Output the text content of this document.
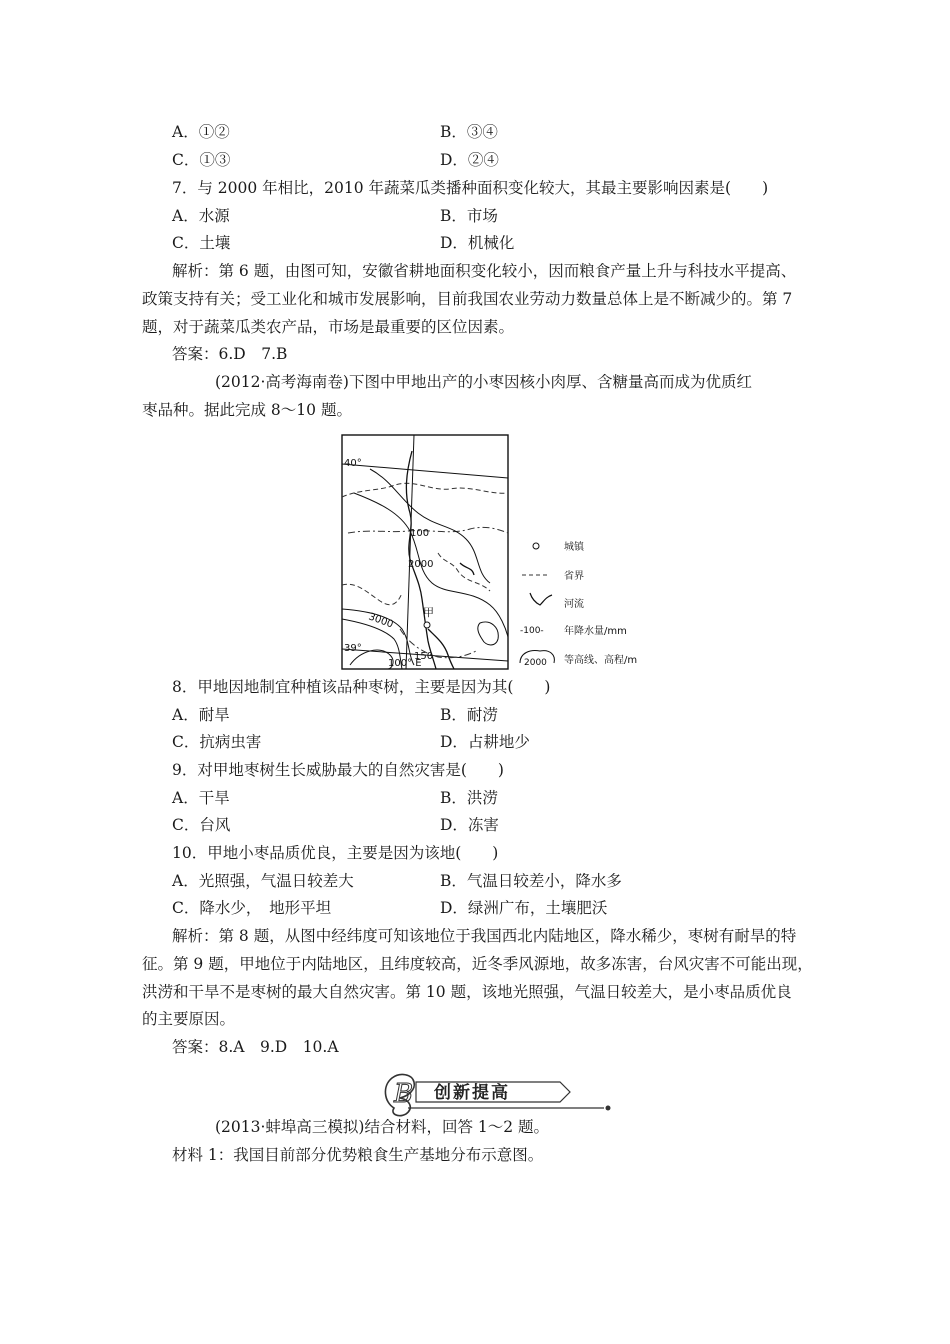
A．①②	B．③④
C．①③	D．②④
7．与 2000 年相比，2010 年蔬菜瓜类播种面积变化较大，其最主要影响因素是(　　)
A．水源	B．市场
C．土壤	D．机械化
解析：第 6 题，由图可知，安徽省耕地面积变化较小，因而粮食产量上升与科技水平提高、
政策支持有关；受工业化和城市发展影响，目前我国农业劳动力数量总体上是不断减少的。第 7
题，对于蔬菜瓜类农产品，市场是最重要的区位因素。
答案：6.D　7.B
(2012·高考海南卷)下图中甲地出产的小枣因核小肉厚、含糖量高而成为优质红
枣品种。据此完成 8～10 题。
40°
39°
100° E
100
2000
3000
150
甲
城镇
省界
河流
-100- 年降水量/mm
2000 等高线、高程/m
8．甲地因地制宜种植该品种枣树，主要是因为其(　　)
A．耐旱	B．耐涝
C．抗病虫害	D．占耕地少
9．对甲地枣树生长威胁最大的自然灾害是(　　)
A．干旱	B．洪涝
C．台风	D．冻害
10．甲地小枣品质优良，主要是因为该地(　　)
A．光照强，气温日较差大	B．气温日较差小，降水多
C．降水少，　地形平坦	D．绿洲广布，土壤肥沃
解析：第 8 题，从图中经纬度可知该地位于我国西北内陆地区，降水稀少，枣树有耐旱的特
征。第 9 题，甲地位于内陆地区，且纬度较高，近冬季风源地，故多冻害，台风灾害不可能出现，
洪涝和干旱不是枣树的最大自然灾害。第 10 题，该地光照强，气温日较差大，是小枣品质优良
的主要原因。
答案：8.A　9.D　10.A
B 创新提高
(2013·蚌埠高三模拟)结合材料，回答 1～2 题。
材料 1：我国目前部分优势粮食生产基地分布示意图。
